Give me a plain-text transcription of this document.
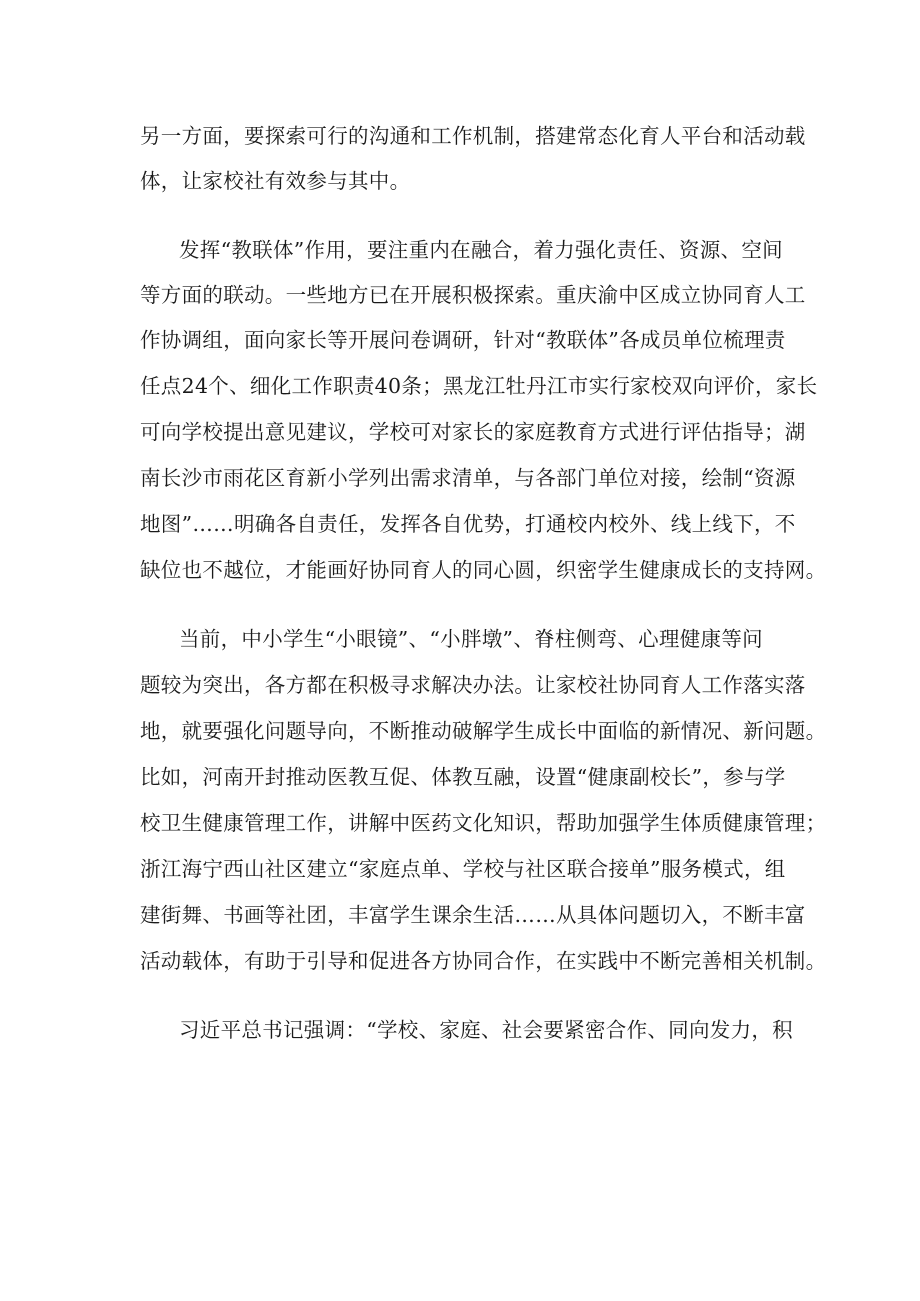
另一方面，要探索可行的沟通和工作机制，搭建常态化育人平台和活动载
体，让家校社有效参与其中。
发挥“教联体”作用，要注重内在融合，着力强化责任、资源、空间
等方面的联动。一些地方已在开展积极探索。重庆渝中区成立协同育人工
作协调组，面向家长等开展问卷调研，针对“教联体”各成员单位梳理责
任点24个、细化工作职责40条；黑龙江牡丹江市实行家校双向评价，家长
可向学校提出意见建议，学校可对家长的家庭教育方式进行评估指导；湖
南长沙市雨花区育新小学列出需求清单，与各部门单位对接，绘制“资源
地图”……明确各自责任，发挥各自优势，打通校内校外、线上线下，不
缺位也不越位，才能画好协同育人的同心圆，织密学生健康成长的支持网。
当前，中小学生“小眼镜”、“小胖墩”、脊柱侧弯、心理健康等问
题较为突出，各方都在积极寻求解决办法。让家校社协同育人工作落实落
地，就要强化问题导向，不断推动破解学生成长中面临的新情况、新问题。
比如，河南开封推动医教互促、体教互融，设置“健康副校长”，参与学
校卫生健康管理工作，讲解中医药文化知识，帮助加强学生体质健康管理；
浙江海宁西山社区建立“家庭点单、学校与社区联合接单”服务模式，组
建街舞、书画等社团，丰富学生课余生活……从具体问题切入，不断丰富
活动载体，有助于引导和促进各方协同合作，在实践中不断完善相关机制。
习近平总书记强调：“学校、家庭、社会要紧密合作、同向发力，积
